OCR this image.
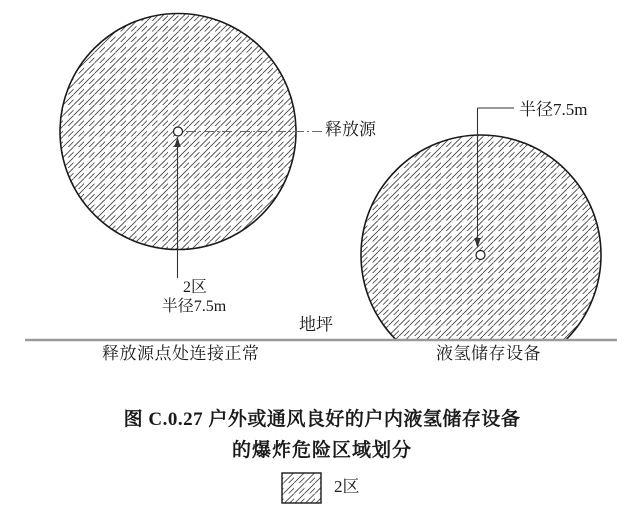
释放源
半径7.5m
2区
半径7.5m
地坪
释放源点处连接正常	液氢储存设备
图 C.0.27 户外或通风良好的户内液氢储存设备
的爆炸危险区域划分
2区
